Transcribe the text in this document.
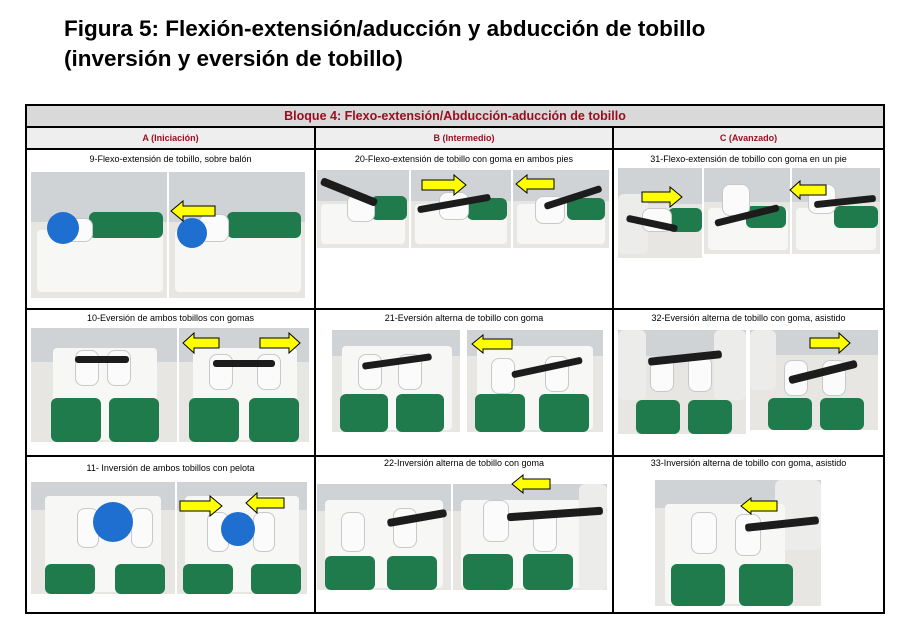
Figura 5: Flexión-extensión/aducción y abducción de tobillo
(inversión y eversión de tobillo)
Bloque 4: Flexo-extensión/Abducción-aducción de tobillo
A (Iniciación)	B (Intermedio)	C (Avanzado)
9-Flexo-extensión de tobillo, sobre balón	20-Flexo-extensión de tobillo con goma en ambos pies	31-Flexo-extensión de tobillo con goma en un pie
10-Eversión de ambos tobillos con gomas	21-Eversión alterna de tobillo con goma	32-Eversión alterna de tobillo con goma, asistido
11- Inversión de ambos tobillos con pelota	22-Inversión alterna de tobillo con goma	33-Inversión alterna de tobillo con goma, asistido
